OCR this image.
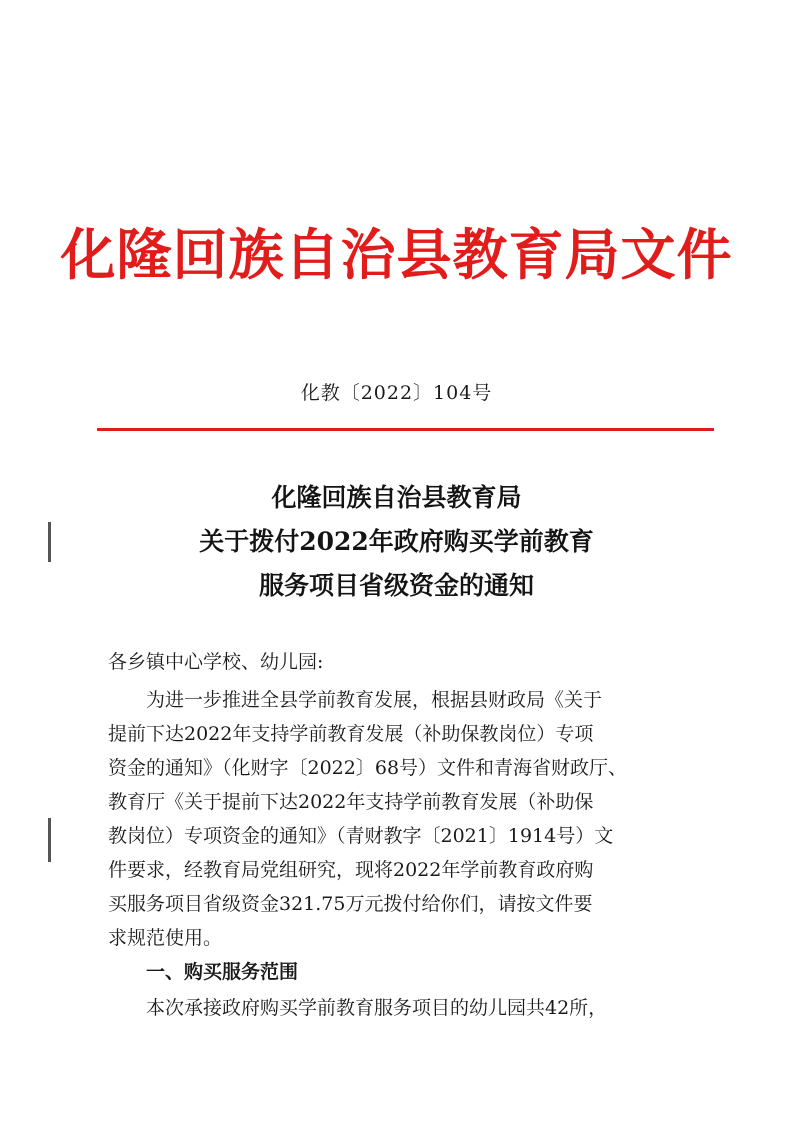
化隆回族自治县教育局文件
化教〔2022〕104号
化隆回族自治县教育局
关于拨付2022年政府购买学前教育
服务项目省级资金的通知
各乡镇中心学校、幼儿园:
为进一步推进全县学前教育发展，根据县财政局《关于
提前下达2022年支持学前教育发展（补助保教岗位）专项
资金的通知》（化财字〔2022〕68号）文件和青海省财政厅、
教育厅《关于提前下达2022年支持学前教育发展（补助保
教岗位）专项资金的通知》（青财教字〔2021〕1914号）文
件要求，经教育局党组研究，现将2022年学前教育政府购
买服务项目省级资金321.75万元拨付给你们，请按文件要
求规范使用。
一、购买服务范围
本次承接政府购买学前教育服务项目的幼儿园共42所，
